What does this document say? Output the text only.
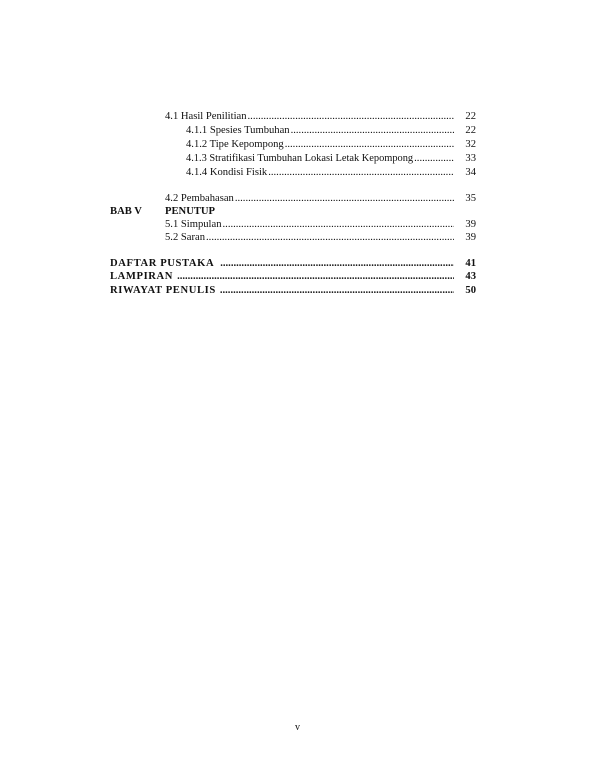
4.1 Hasil Penilitian .....	22
4.1.1 Spesies Tumbuhan .....	22
4.1.2 Tipe Kepompong .....	32
4.1.3 Stratifikasi Tumbuhan Lokasi Letak Kepompong .....	33
4.1.4 Kondisi Fisik .....	34
4.2 Pembahasan .....	35
BAB V PENUTUP
5.1 Simpulan .....	39
5.2 Saran .....	39
DAFTAR PUSTAKA .....	41
LAMPIRAN .....	43
RIWAYAT PENULIS .....	50
v
